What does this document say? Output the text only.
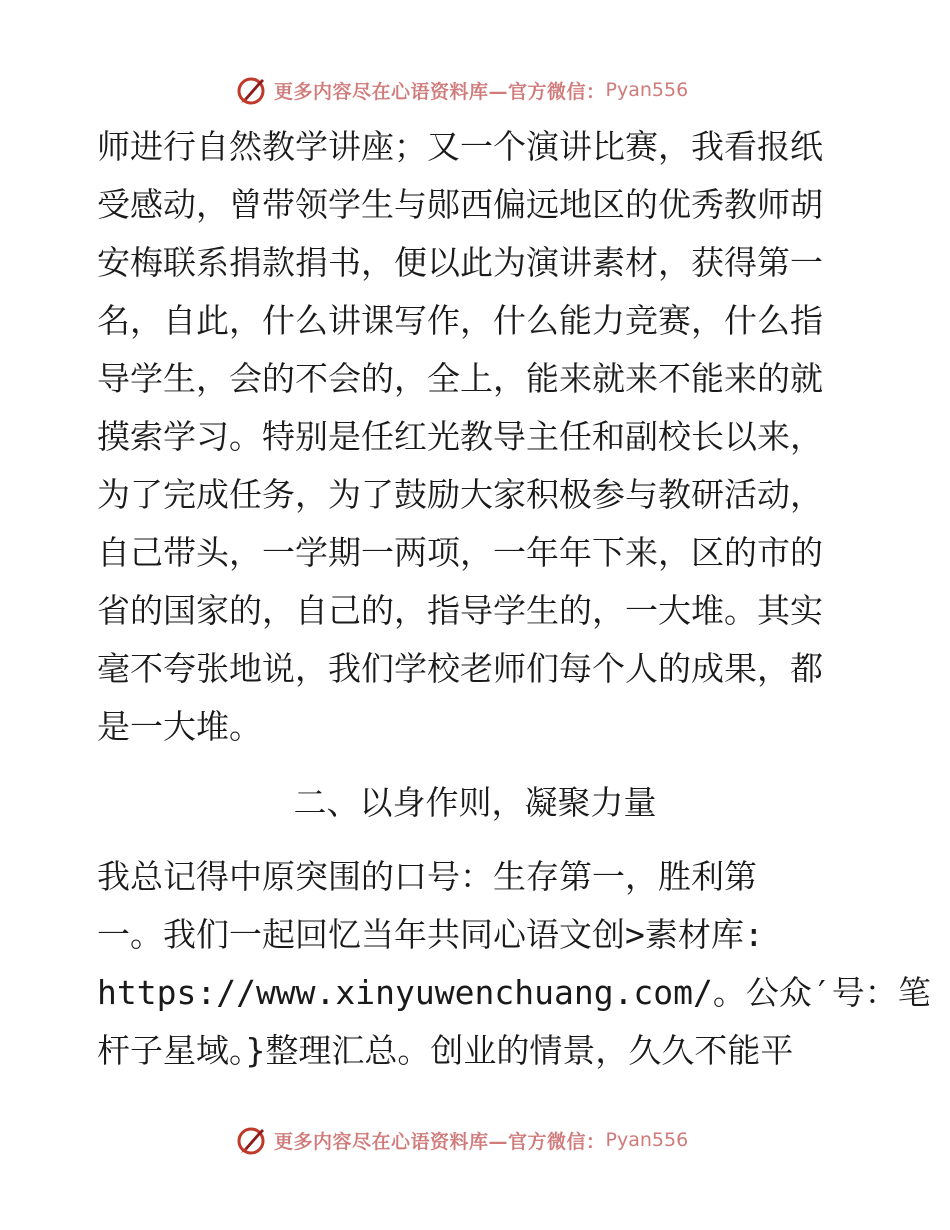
更多内容尽在心语资料库—官方微信： Pyan556
师进行自然教学讲座；又一个演讲比赛，我看报纸
受感动，曾带领学生与郧西偏远地区的优秀教师胡
安梅联系捐款捐书，便以此为演讲素材，获得第一
名，自此，什么讲课写作，什么能力竞赛，什么指
导学生，会的不会的，全上，能来就来不能来的就
摸索学习。特别是任红光教导主任和副校长以来，
为了完成任务，为了鼓励大家积极参与教研活动，
自己带头，一学期一两项，一年年下来，区的市的
省的国家的，自己的，指导学生的，一大堆。其实
毫不夸张地说，我们学校老师们每个人的成果，都
是一大堆。
二、以身作则，凝聚力量
我总记得中原突围的口号：生存第一，胜利第
一。我们一起回忆当年共同心语文创>素材库:
https://www.xinyuwenchuang.com/。公众′号：笔
杆子星域。}整理汇总。创业的情景，久久不能平
更多内容尽在心语资料库—官方微信： Pyan556
